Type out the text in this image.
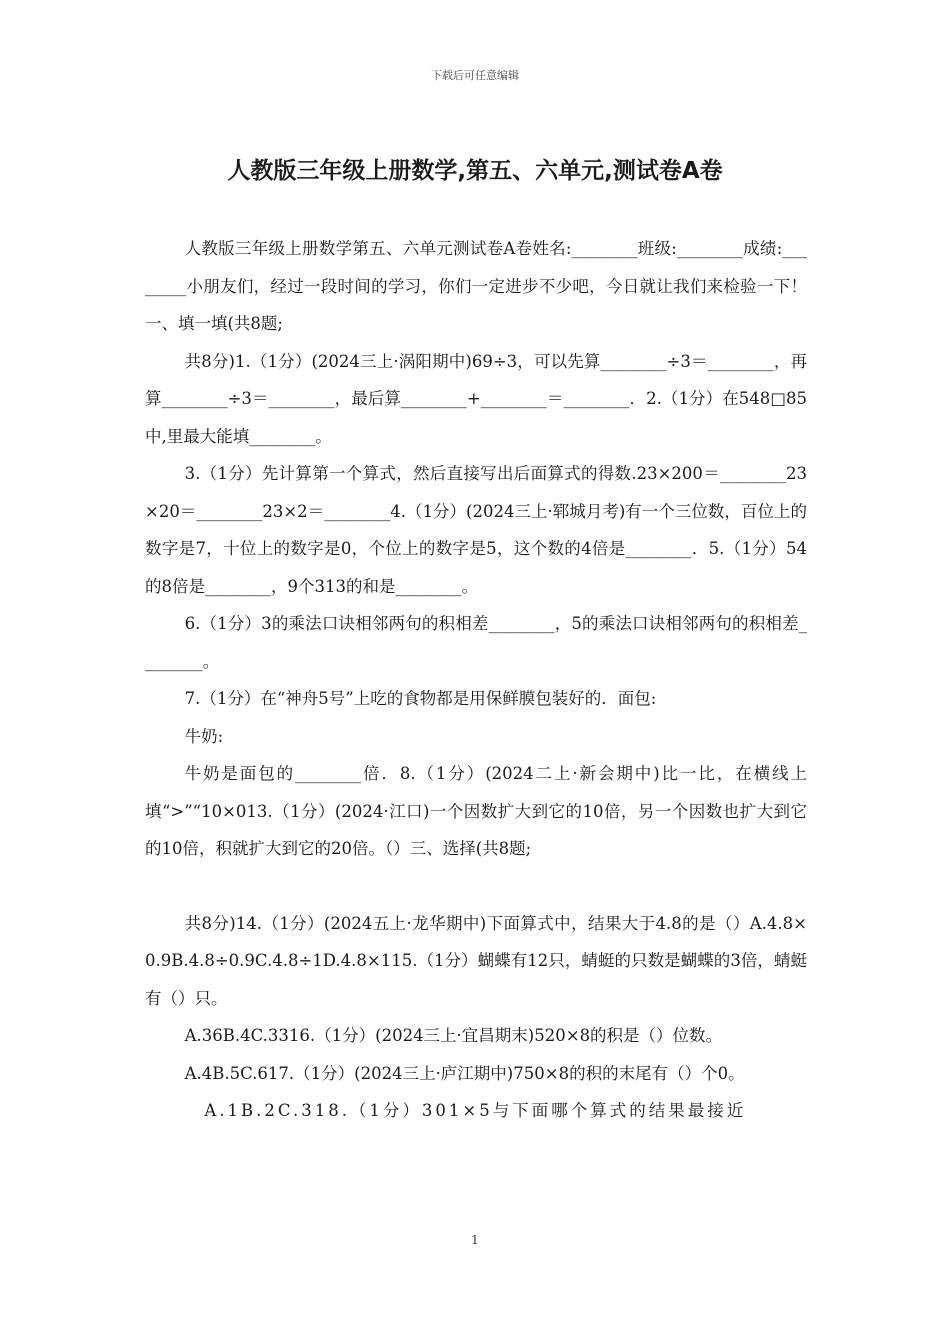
下载后可任意编辑
人教版三年级上册数学,第五、六单元,测试卷A卷

人教版三年级上册数学第五、六单元测试卷A卷姓名:________班级:________成绩:________小朋友们，经过一段时间的学习，你们一定进步不少吧，今日就让我们来检验一下！一、填一填(共8题;

共8分)1.（1分）(2024三上·涡阳期中)69÷3，可以先算________÷3＝________，再算________÷3＝________，最后算________+________＝________．2.（1分）在548□85中,里最大能填________。

3.（1分）先计算第一个算式，然后直接写出后面算式的得数.23×200＝________23×20＝________23×2＝________4.（1分）(2024三上·郓城月考)有一个三位数，百位上的数字是7，十位上的数字是0，个位上的数字是5，这个数的4倍是________．5.（1分）54的8倍是________，9个313的和是________。

6.（1分）3的乘法口诀相邻两句的积相差________，5的乘法口诀相邻两句的积相差________。

7.（1分）在“神舟5号”上吃的食物都是用保鲜膜包装好的．面包:

牛奶:

牛奶是面包的________倍．8.（1分）(2024二上·新会期中)比一比，在横线上填“>”“10×013.（1分）(2024·江口)一个因数扩大到它的10倍，另一个因数也扩大到它的10倍，积就扩大到它的20倍。（）三、选择(共8题;

共8分)14.（1分）(2024五上·龙华期中)下面算式中，结果大于4.8的是（）A.4.8×0.9B.4.8÷0.9C.4.8÷1D.4.8×115.（1分）蝴蝶有12只，蜻蜓的只数是蝴蝶的3倍，蜻蜓有（）只。

A.36B.4C.3316.（1分）(2024三上·宜昌期末)520×8的积是（）位数。

A.4B.5C.617.（1分）(2024三上·庐江期中)750×8的积的末尾有（）个0。

A.1B.2C.318.（1分）301×5与下面哪个算式的结果最接近

1
